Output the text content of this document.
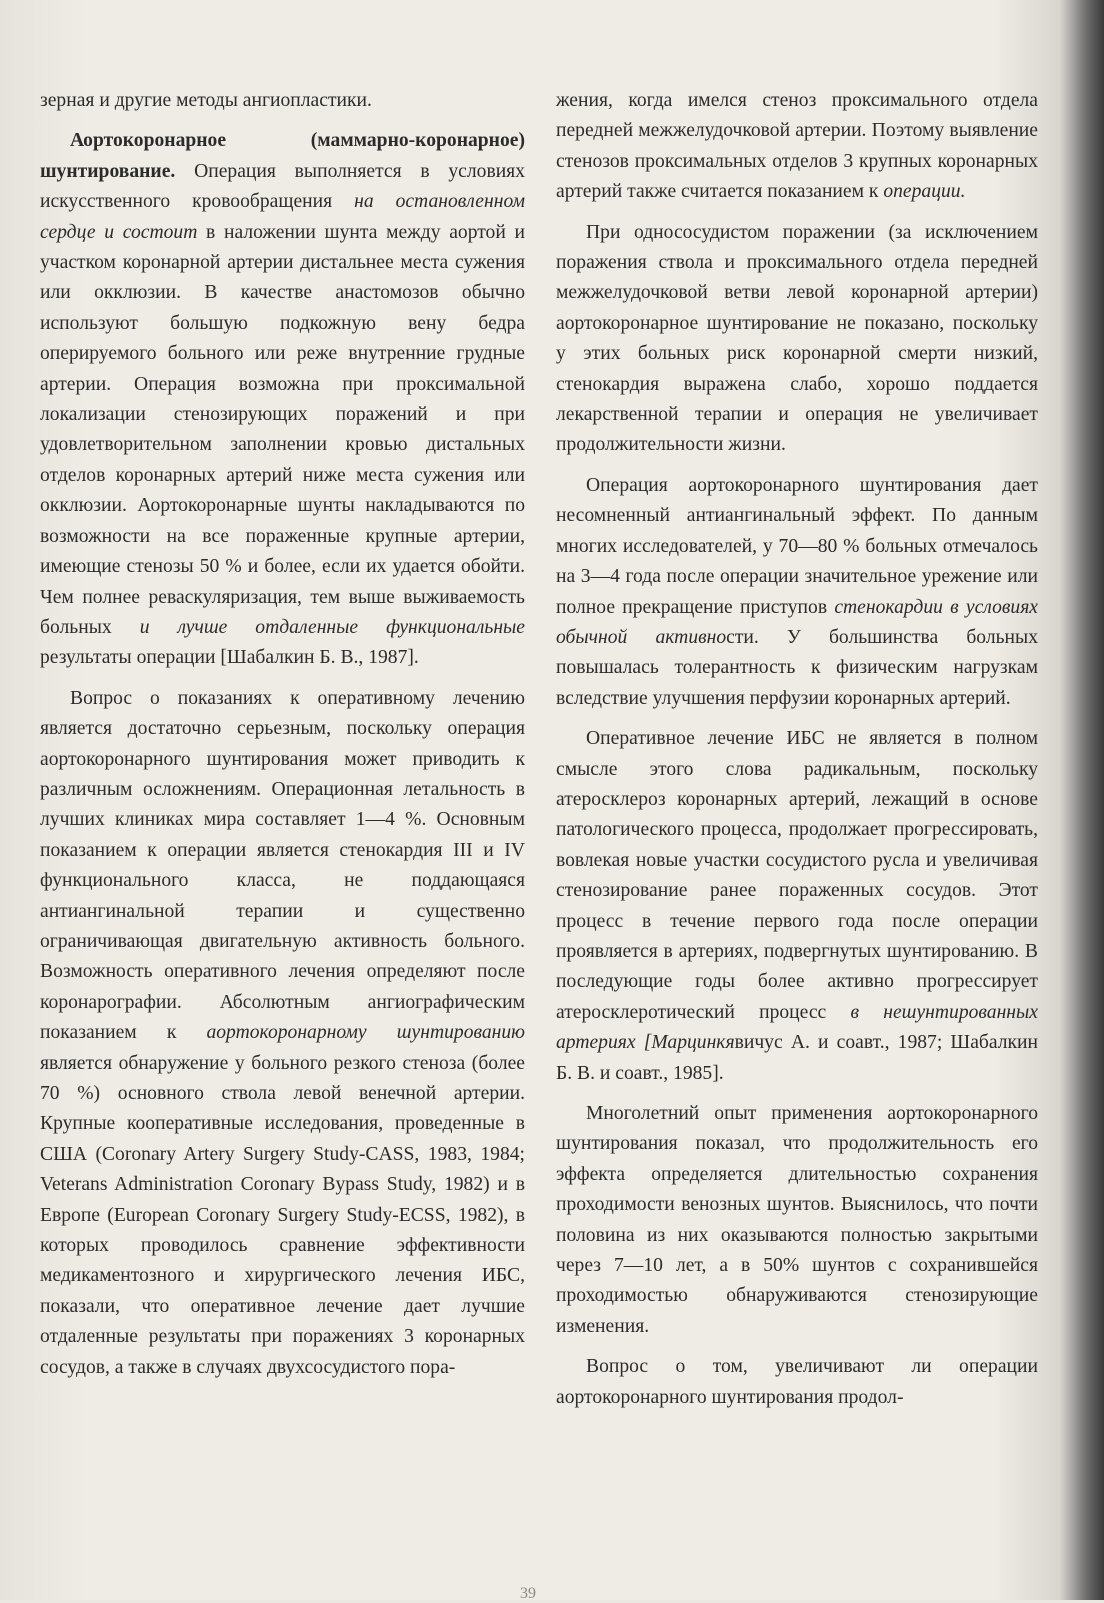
зерная и другие методы ангиопластики.

Аортокоронарное (маммарно-коронарное) шунтирование. Операция выполняется в условиях искусственного кровообращения на остановленном сердце и состоит в наложении шунта между аортой и участком коронарной артерии дистальнее места сужения или окклюзии. В качестве анастомозов обычно используют большую подкожную вену бедра оперируемого больного или реже внутренние грудные артерии. Операция возможна при проксимальной локализации стенозирующих поражений и при удовлетворительном заполнении кровью дистальных отделов коронарных артерий ниже места сужения или окклюзии. Аортокоронарные шунты накладываются по возможности на все пораженные крупные артерии, имеющие стенозы 50 % и более, если их удается обойти. Чем полнее реваскуляризация, тем выше выживаемость больных и лучше отдаленные функциональные результаты операции [Шабалкин Б. В., 1987].

Вопрос о показаниях к оперативному лечению является достаточно серьезным, поскольку операция аортокоронарного шунтирования может приводить к различным осложнениям. Операционная летальность в лучших клиниках мира составляет 1—4 %. Основным показанием к операции является стенокардия III и IV функционального класса, не поддающаяся антиангинальной терапии и существенно ограничивающая двигательную активность больного. Возможность оперативного лечения определяют после коронарографии. Абсолютным ангиографическим показанием к аортокоронарному шунтированию является обнаружение у больного резкого стеноза (более 70 %) основного ствола левой венечной артерии. Крупные кооперативные исследования, проведенные в США (Coronary Artery Surgery Study-CASS, 1983, 1984; Veterans Administration Coronary Bypass Study, 1982) и в Европе (European Coronary Surgery Study-ECSS, 1982), в которых проводилось сравнение эффективности медикаментозного и хирургического лечения ИБС, показали, что оперативное лечение дает лучшие отдаленные результаты при поражениях 3 коронарных сосудов, а также в случаях двухсосудистого пора-

жения, когда имелся стеноз проксимального отдела передней межжелудочковой артерии. Поэтому выявление стенозов проксимальных отделов 3 крупных коронарных артерий также считается показанием к операции.

При однососудистом поражении (за исключением поражения ствола и проксимального отдела передней межжелудочковой ветви левой коронарной артерии) аортокоронарное шунтирование не показано, поскольку у этих больных риск коронарной смерти низкий, стенокардия выражена слабо, хорошо поддается лекарственной терапии и операция не увеличивает продолжительности жизни.

Операция аортокоронарного шунтирования дает несомненный антиангинальный эффект. По данным многих исследователей, у 70—80 % больных отмечалось на 3—4 года после операции значительное урежение или полное прекращение приступов стенокардии в условиях обычной активности. У большинства больных повышалась толерантность к физическим нагрузкам вследствие улучшения перфузии коронарных артерий.

Оперативное лечение ИБС не является в полном смысле этого слова радикальным, поскольку атеросклероз коронарных артерий, лежащий в основе патологического процесса, продолжает прогрессировать, вовлекая новые участки сосудистого русла и увеличивая стенозирование ранее пораженных сосудов. Этот процесс в течение первого года после операции проявляется в артериях, подвергнутых шунтированию. В последующие годы более активно прогрессирует атеросклеротический процесс в нешунтированных артериях [Марцинкявичус А. и соавт., 1987; Шабалкин Б. В. и соавт., 1985].

Многолетний опыт применения аортокоронарного шунтирования показал, что продолжительность его эффекта определяется длительностью сохранения проходимости венозных шунтов. Выяснилось, что почти половина из них оказываются полностью закрытыми через 7—10 лет, а в 50% шунтов с сохранившейся проходимостью обнаруживаются стенозирующие изменения.

Вопрос о том, увеличивают ли операции аортокоронарного шунтирования продол-

39
